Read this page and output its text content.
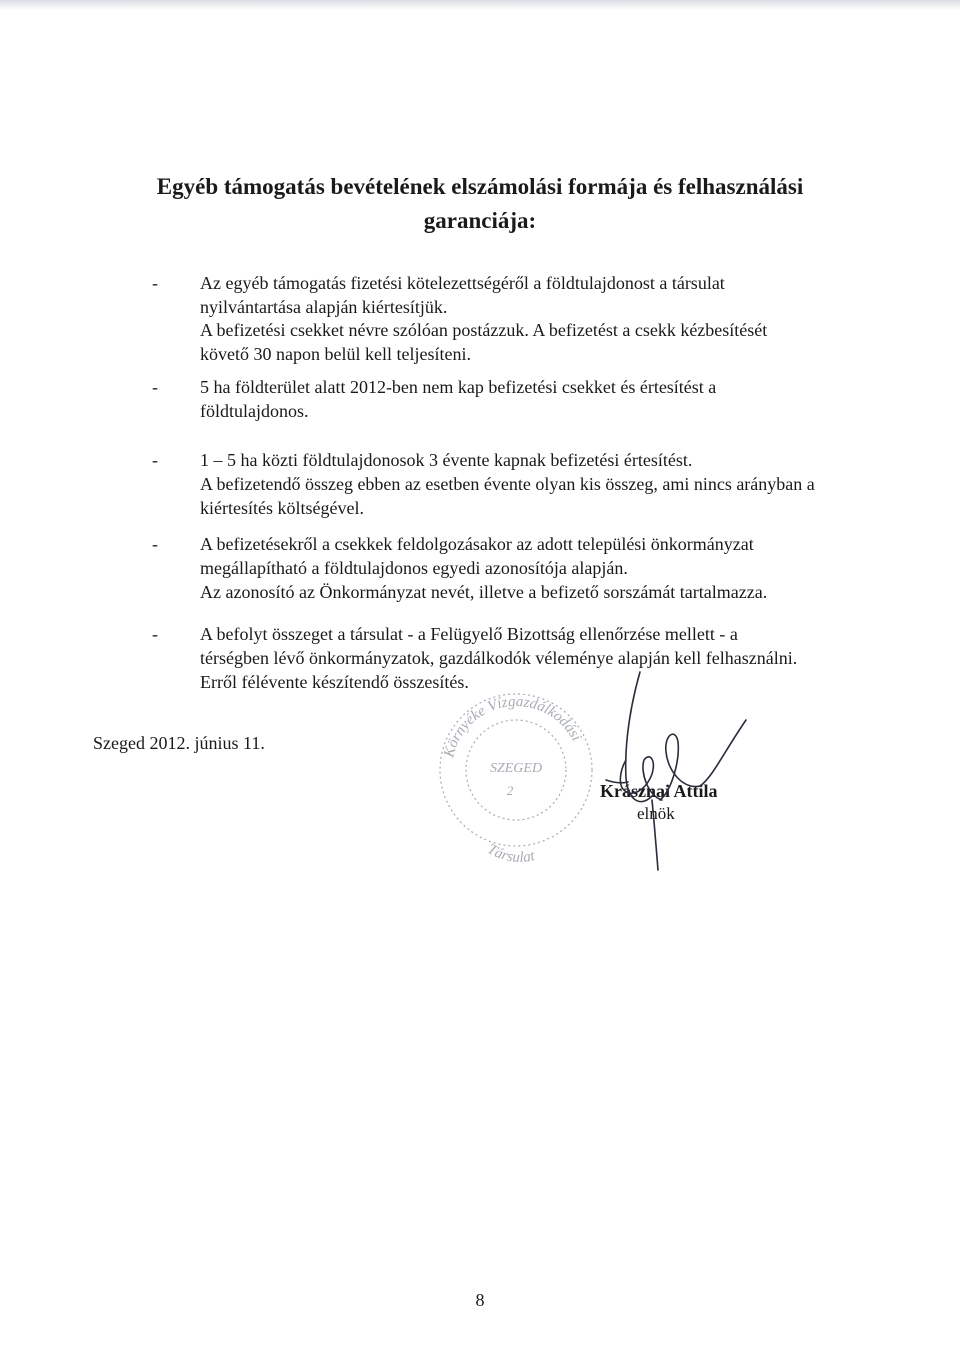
Egyéb támogatás bevételének elszámolási formája és felhasználási
garanciája:
- Az egyéb támogatás fizetési kötelezettségéről a földtulajdonost a társulat
nyilvántartása alapján kiértesítjük.
A befizetési csekket névre szólóan postázzuk. A befizetést a csekk kézbesítését
követő 30 napon belül kell teljesíteni.
- 5 ha földterület alatt 2012-ben nem kap befizetési csekket és értesítést a
földtulajdonos.
- 1 – 5 ha közti földtulajdonosok 3 évente kapnak befizetési értesítést.
A befizetendő összeg ebben az esetben évente olyan kis összeg, ami nincs arányban a
kiértesítés költségével.
- A befizetésekről a csekkek feldolgozásakor az adott települési önkormányzat
megállapítható a földtulajdonos egyedi azonosítója alapján.
Az azonosító az Önkormányzat nevét, illetve a befizető sorszámát tartalmazza.
- A befolyt összeget a társulat - a Felügyelő Bizottság ellenőrzése mellett - a
térségben lévő önkormányzatok, gazdálkodók véleménye alapján kell felhasználni.
Erről félévente készítendő összesítés.
Szeged 2012. június 11.	Környéke Vízgazdálkodási
Társulat
SZEGED
2	Krásznai Attila
elnök
8
